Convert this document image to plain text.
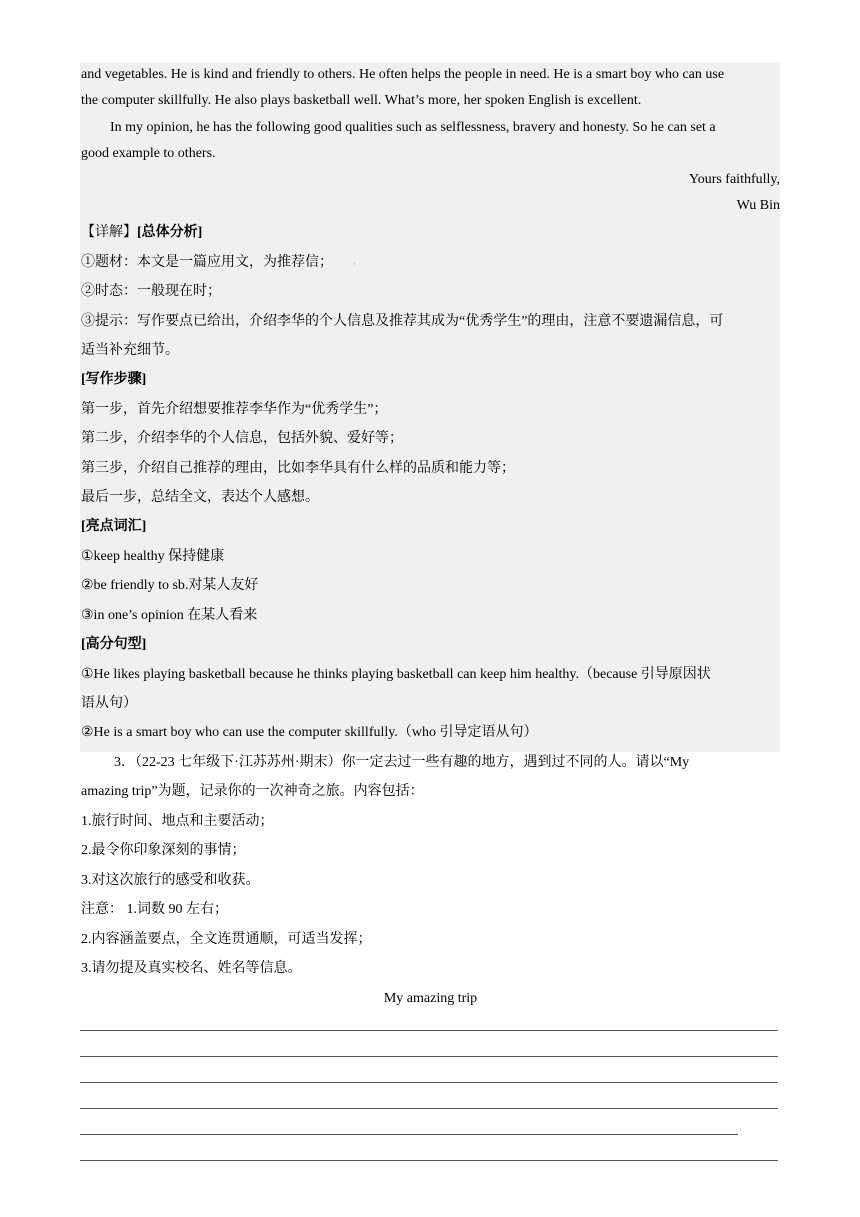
and vegetables. He is kind and friendly to others. He often helps the people in need. He is a smart boy who can use
the computer skillfully. He also plays basketball well. What’s more, her spoken English is excellent.
In my opinion, he has the following good qualities such as selflessness, bravery and honesty. So he can set a
good example to others.
Yours faithfully,
Wu Bin
【详解】[总体分析]
①题材：本文是一篇应用文，为推荐信；	·
②时态：一般现在时；
③提示：写作要点已给出，介绍李华的个人信息及推荐其成为“优秀学生”的理由，注意不要遗漏信息，可
适当补充细节。
[写作步骤]
第一步，首先介绍想要推荐李华作为“优秀学生”；
第二步，介绍李华的个人信息，包括外貌、爱好等；
第三步，介绍自己推荐的理由，比如李华具有什么样的品质和能力等；
最后一步，总结全文，表达个人感想。
[亮点词汇]
①keep healthy 保持健康
②be friendly to sb.对某人友好
③in one’s opinion 在某人看来
[高分句型]
①He likes playing basketball because he thinks playing basketball can keep him healthy.（because 引导原因状
语从句）
②He is a smart boy who can use the computer skillfully.（who 引导定语从句）
3．（22-23 七年级下·江苏苏州·期末）你一定去过一些有趣的地方，遇到过不同的人。请以“My
amazing trip”为题，记录你的一次神奇之旅。内容包括：
1.旅行时间、地点和主要活动；
2.最令你印象深刻的事情；
3.对这次旅行的感受和收获。
注意： 1.词数 90 左右；
2.内容涵盖要点，全文连贯通顺，可适当发挥；
3.请勿提及真实校名、姓名等信息。
My amazing trip
·
